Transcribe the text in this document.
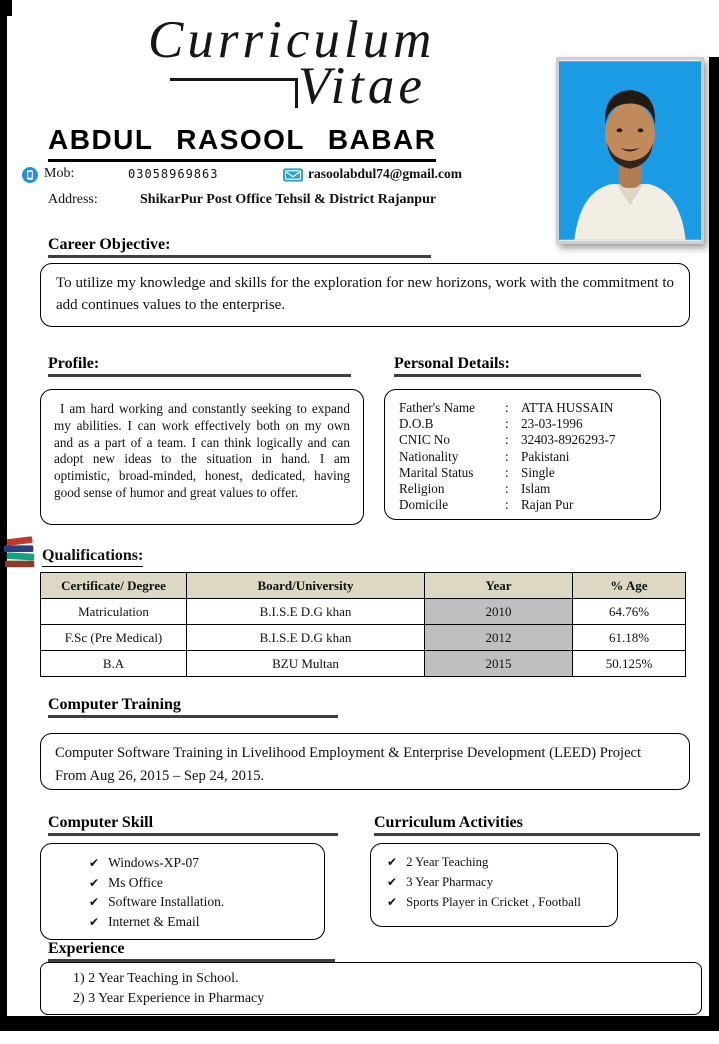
Curriculum
Vitae
ABDUL RASOOL BABAR
Mob:	03058969863	rasoolabdul74@gmail.com
Address:	ShikarPur Post Office Tehsil & District Rajanpur
Career Objective:
To utilize my knowledge and skills for the exploration for new horizons, work with the commitment to add continues values to the enterprise.
Profile:	Personal Details:
I am hard working and constantly seeking to expand my abilities. I can work effectively both on my own and as a part of a team. I can think logically and can adopt new ideas to the situation in hand. I am optimistic, broad-minded, honest, dedicated, having good sense of humor and great values to offer.
Father's Name	: ATTA HUSSAIN
D.O.B	: 23-03-1996
CNIC No	: 32403-8926293-7
Nationality	: Pakistani
Marital Status	: Single
Religion	: Islam
Domicile	: Rajan Pur
Qualifications:
Certificate/ Degree	Board/University	Year	% Age
Matriculation	B.I.S.E D.G khan	2010	64.76%
F.Sc (Pre Medical)	B.I.S.E D.G khan	2012	61.18%
B.A	BZU Multan	2015	50.125%
Computer Training
Computer Software Training in Livelihood Employment & Enterprise Development (LEED) Project From Aug 26, 2015 – Sep 24, 2015.
Computer Skill	Curriculum Activities
✔ Windows-XP-07
✔ Ms Office
✔ Software Installation.
✔ Internet & Email
✔ 2 Year Teaching
✔ 3 Year Pharmacy
✔ Sports Player in Cricket , Football
Experience
1) 2 Year Teaching in School.
2) 3 Year Experience in Pharmacy
